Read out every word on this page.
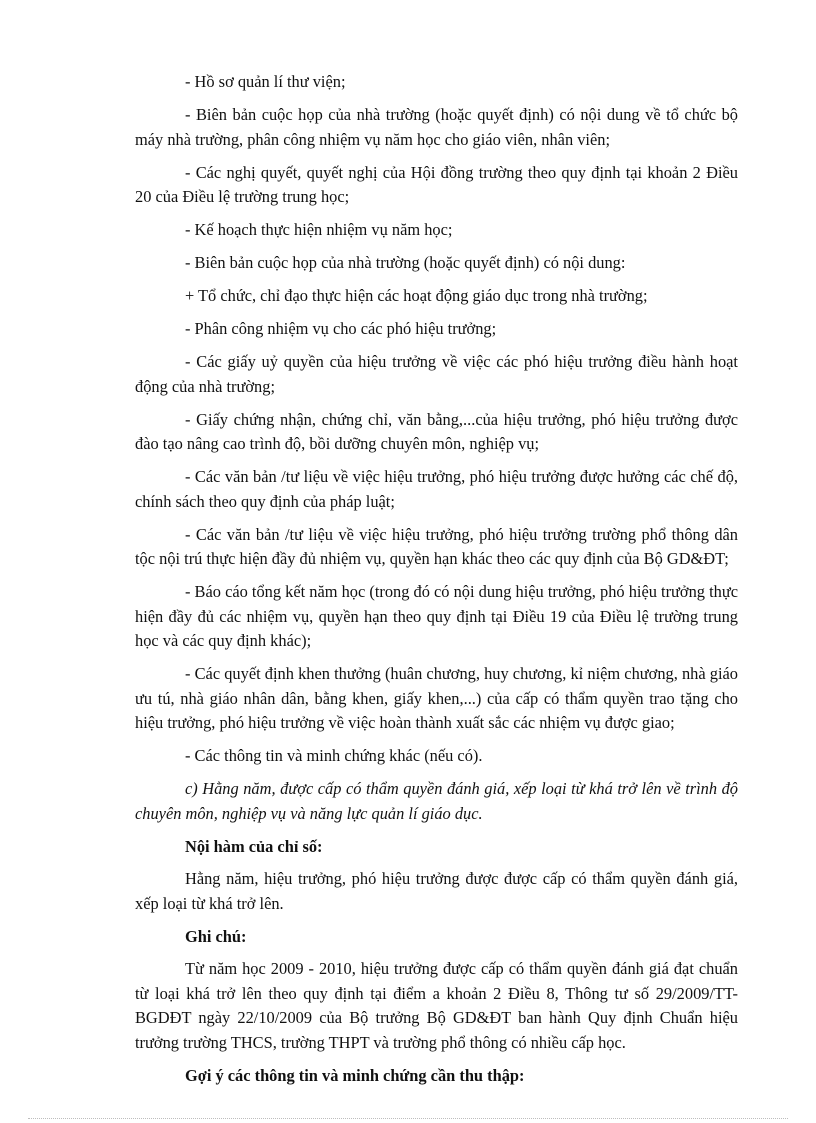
- Hồ sơ quản lí thư viện;

- Biên bản cuộc họp của nhà trường (hoặc quyết định) có nội dung về tổ chức bộ máy nhà trường, phân công nhiệm vụ năm học cho giáo viên, nhân viên;

- Các nghị quyết, quyết nghị của Hội đồng trường theo quy định tại khoản 2 Điều 20 của Điều lệ trường trung học;

- Kế hoạch thực hiện nhiệm vụ năm học;

- Biên bản cuộc họp của nhà trường (hoặc quyết định) có nội dung:

+ Tổ chức, chỉ đạo thực hiện các hoạt động giáo dục trong nhà trường;

- Phân công nhiệm vụ cho các phó hiệu trưởng;

- Các giấy uỷ quyền của hiệu trưởng về việc các phó hiệu trưởng điều hành hoạt động của nhà trường;

- Giấy chứng nhận, chứng chỉ, văn bằng,...của hiệu trưởng, phó hiệu trưởng được đào tạo nâng cao trình độ, bồi dưỡng chuyên môn, nghiệp vụ;

- Các văn bản /tư liệu về việc hiệu trưởng, phó hiệu trưởng được hưởng các chế độ, chính sách theo quy định của pháp luật;

- Các văn bản /tư liệu về việc hiệu trưởng, phó hiệu trưởng trường phổ thông dân tộc nội trú thực hiện đầy đủ nhiệm vụ, quyền hạn khác theo các quy định của Bộ GD&ĐT;

- Báo cáo tổng kết năm học (trong đó có nội dung hiệu trưởng, phó hiệu trưởng thực hiện đầy đủ các nhiệm vụ, quyền hạn theo quy định tại Điều 19 của Điều lệ trường trung học và các quy định khác);

- Các quyết định khen thưởng (huân chương, huy chương, kỉ niệm chương, nhà giáo ưu tú, nhà giáo nhân dân, bằng khen, giấy khen,...) của cấp có thẩm quyền trao tặng cho hiệu trưởng, phó hiệu trưởng về việc hoàn thành xuất sắc các nhiệm vụ được giao;

- Các thông tin và minh chứng khác (nếu có).

c) Hằng năm, được cấp có thẩm quyền đánh giá, xếp loại từ khá trở lên về trình độ chuyên môn, nghiệp vụ và năng lực quản lí giáo dục.

Nội hàm của chỉ số:

Hằng năm, hiệu trưởng, phó hiệu trưởng được được cấp có thẩm quyền đánh giá, xếp loại từ khá trở lên.

Ghi chú:

Từ năm học 2009 - 2010, hiệu trưởng được cấp có thẩm quyền đánh giá đạt chuẩn từ loại khá trở lên theo quy định tại điểm a khoản 2 Điều 8, Thông tư số 29/2009/TT-BGDĐT ngày 22/10/2009 của Bộ trưởng Bộ GD&ĐT ban hành Quy định Chuẩn hiệu trưởng trường THCS, trường THPT và trường phổ thông có nhiều cấp học.

Gợi ý các thông tin và minh chứng cần thu thập:
